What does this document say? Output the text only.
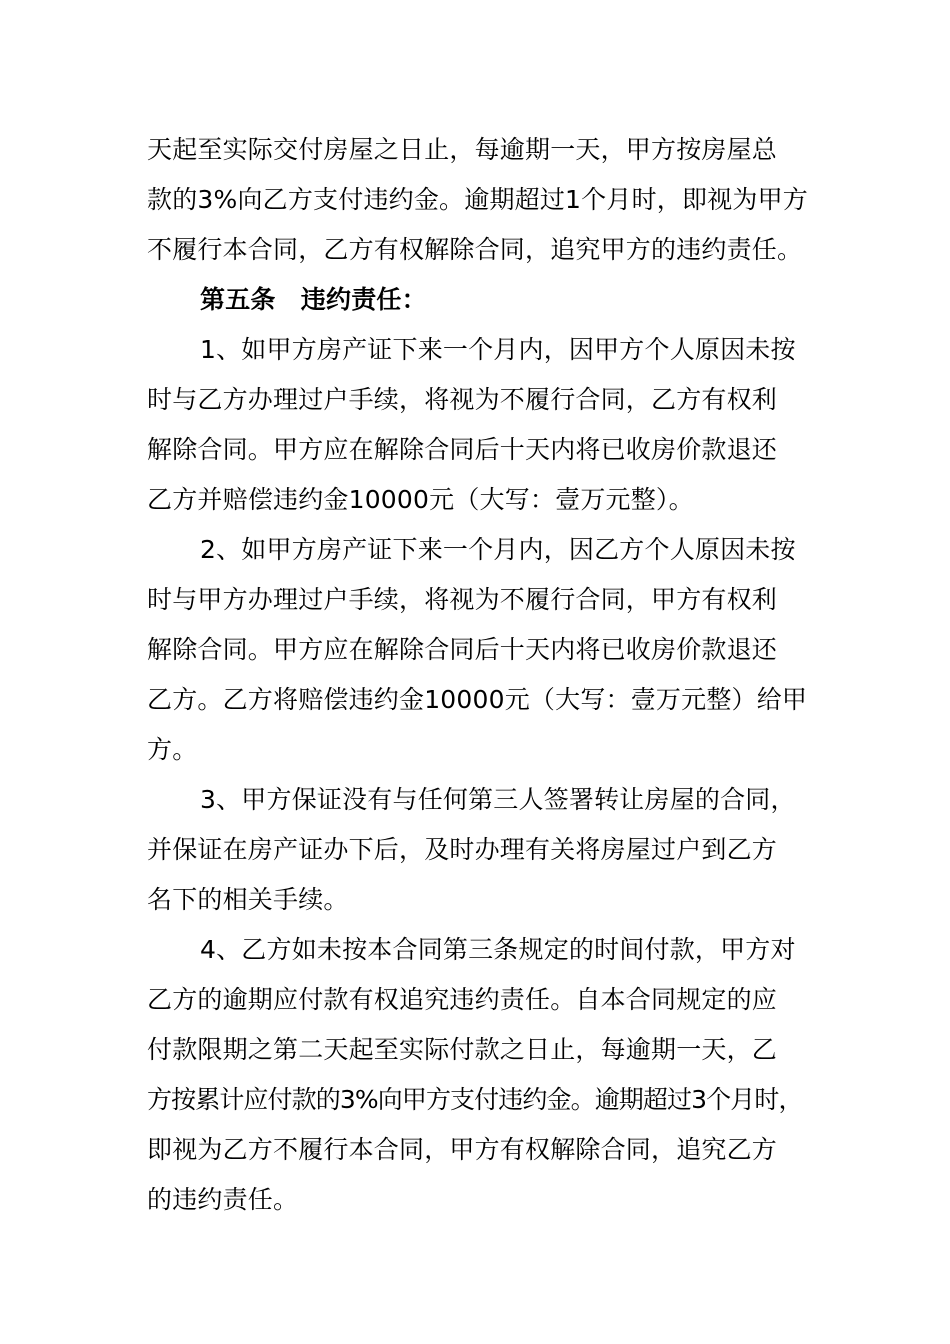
天起至实际交付房屋之日止，每逾期一天，甲方按房屋总
款的3%向乙方支付违约金。逾期超过1个月时，即视为甲方
不履行本合同，乙方有权解除合同，追究甲方的违约责任。
第五条　违约责任：
1、如甲方房产证下来一个月内，因甲方个人原因未按
时与乙方办理过户手续，将视为不履行合同，乙方有权利
解除合同。甲方应在解除合同后十天内将已收房价款退还
乙方并赔偿违约金10000元（大写：壹万元整）。
2、如甲方房产证下来一个月内，因乙方个人原因未按
时与甲方办理过户手续，将视为不履行合同，甲方有权利
解除合同。甲方应在解除合同后十天内将已收房价款退还
乙方。乙方将赔偿违约金10000元（大写：壹万元整）给甲
方。
3、甲方保证没有与任何第三人签署转让房屋的合同，
并保证在房产证办下后，及时办理有关将房屋过户到乙方
名下的相关手续。
4、乙方如未按本合同第三条规定的时间付款，甲方对
乙方的逾期应付款有权追究违约责任。自本合同规定的应
付款限期之第二天起至实际付款之日止，每逾期一天，乙
方按累计应付款的3%向甲方支付违约金。逾期超过3个月时，
即视为乙方不履行本合同，甲方有权解除合同，追究乙方
的违约责任。
